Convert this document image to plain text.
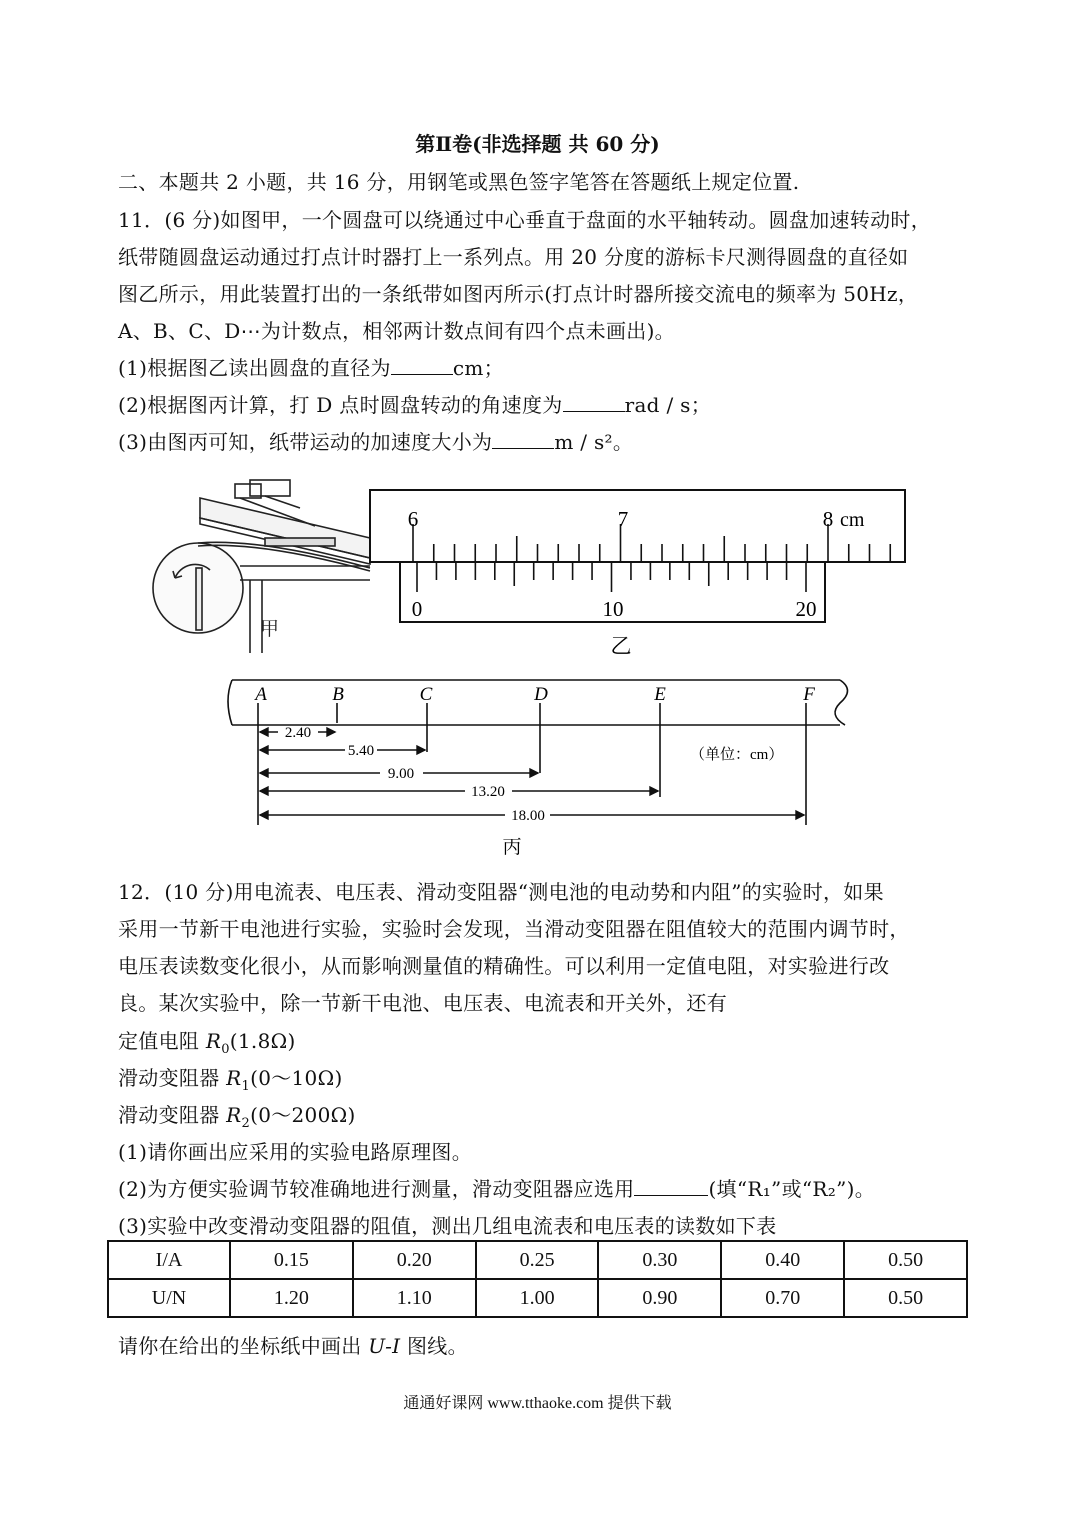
第Ⅱ卷(非选择题 共 60 分)
二、本题共 2 小题，共 16 分，用钢笔或黑色签字笔答在答题纸上规定位置.
11．(6 分)如图甲，一个圆盘可以绕通过中心垂直于盘面的水平轴转动。圆盘加速转动时，
纸带随圆盘运动通过打点计时器打上一系列点。用 20 分度的游标卡尺测得圆盘的直径如
图乙所示，用此装置打出的一条纸带如图丙所示(打点计时器所接交流电的频率为 50Hz，
A、B、C、D⋯为计数点，相邻两计数点间有四个点未画出)。
(1)根据图乙读出圆盘的直径为	cm；
(2)根据图丙计算，打 D 点时圆盘转动的角速度为	rad / s；
(3)由图丙可知，纸带运动的加速度大小为	m / s²。
甲
6	7	8 cm
0	10	20
乙
A	B	C	D	E	F
2.40
5.40
9.00
13.20
18.00
（单位：cm）
丙
12．(10 分)用电流表、电压表、滑动变阻器“测电池的电动势和内阻”的实验时，如果
采用一节新干电池进行实验，实验时会发现，当滑动变阻器在阻值较大的范围内调节时，
电压表读数变化很小，从而影响测量值的精确性。可以利用一定值电阻，对实验进行改
良。某次实验中，除一节新干电池、电压表、电流表和开关外，还有
定值电阻 $R_0(1.8\Omega)$
滑动变阻器 $R_1(0\sim 10\Omega)$
滑动变阻器 $R_2(0\sim 200\Omega)$
(1)请你画出应采用的实验电路原理图。
(2)为方便实验调节较准确地进行测量，滑动变阻器应选用	(填“R₁”或“R₂”)。
(3)实验中改变滑动变阻器的阻值，测出几组电流表和电压表的读数如下表
I/A	0.15	0.20	0.25	0.30	0.40	0.50
U/N	1.20	1.10	1.00	0.90	0.70	0.50
请你在给出的坐标纸中画出 U-I 图线。
通通好课网 www.tthaoke.com 提供下载
